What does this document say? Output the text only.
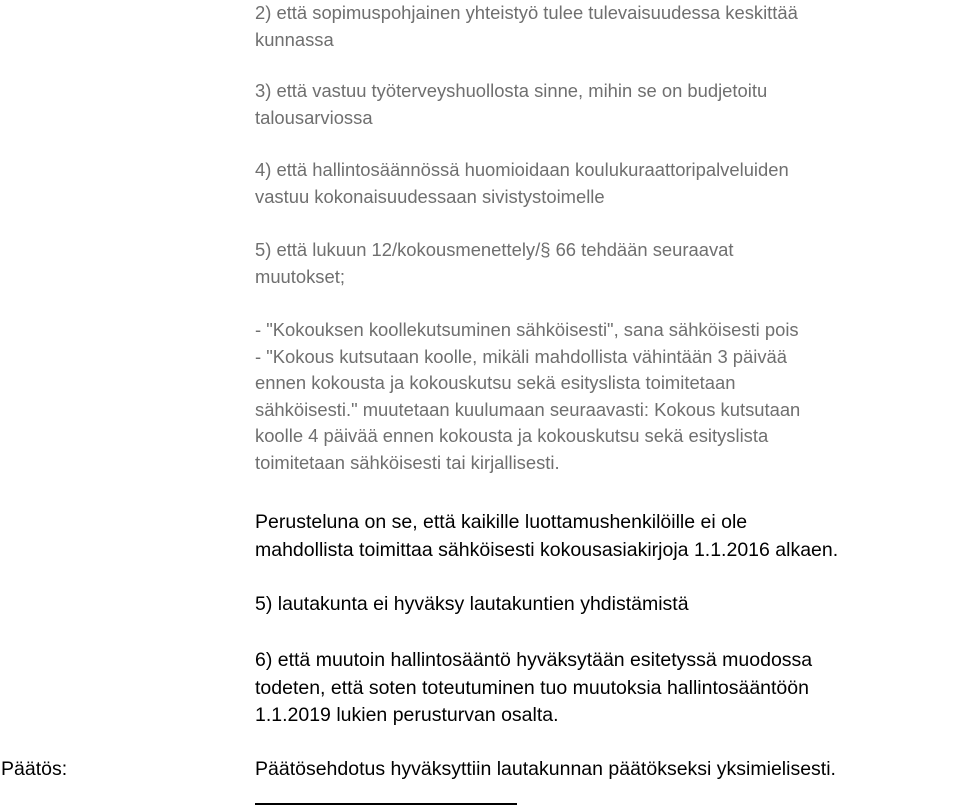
2) että sopimuspohjainen yhteistyö tulee tulevaisuudessa keskittää
kunnassa

3) että vastuu työterveyshuollosta sinne, mihin se on budjetoitu
talousarviossa

4) että hallintosäännössä huomioidaan koulukuraattoripalveluiden
vastuu kokonaisuudessaan sivistystoimelle

5) että lukuun 12/kokousmenettely/§ 66 tehdään seuraavat
muutokset;

- "Kokouksen koollekutsuminen sähköisesti", sana sähköisesti pois
- "Kokous kutsutaan koolle, mikäli mahdollista vähintään 3 päivää
ennen kokousta ja kokouskutsu sekä esityslista toimitetaan
sähköisesti." muutetaan kuulumaan seuraavasti: Kokous kutsutaan
koolle 4 päivää ennen kokousta ja kokouskutsu sekä esityslista
toimitetaan sähköisesti tai kirjallisesti.

Perusteluna on se, että kaikille luottamushenkilöille ei ole
mahdollista toimittaa sähköisesti kokousasiakirjoja 1.1.2016 alkaen.

5) lautakunta ei hyväksy lautakuntien yhdistämistä

6) että muutoin hallintosääntö hyväksytään esitetyssä muodossa
todeten, että soten toteutuminen tuo muutoksia hallintosääntöön
1.1.2019 lukien perusturvan osalta.

Päätös:	Päätösehdotus hyväksyttiin lautakunnan päätökseksi yksimielisesti.
